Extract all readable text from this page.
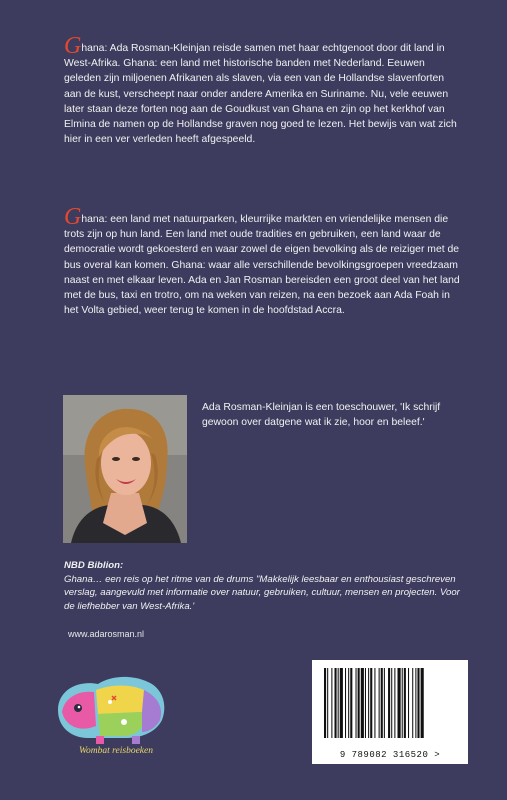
Ghana: Ada Rosman-Kleinjan reisde samen met haar echtgenoot door dit land in West-Afrika. Ghana: een land met historische banden met Nederland. Eeuwen geleden zijn miljoenen Afrikanen als slaven, via een van de Hollandse slavenforten aan de kust, verscheept naar onder andere Amerika en Suriname. Nu, vele eeuwen later staan deze forten nog aan de Goudkust van Ghana en zijn op het kerkhof van Elmina de namen op de Hollandse graven nog goed te lezen. Het bewijs van wat zich hier in een ver verleden heeft afgespeeld.

Ghana: een land met natuurparken, kleurrijke markten en vriendelijke mensen die trots zijn op hun land. Een land met oude tradities en gebruiken, een land waar de democratie wordt gekoesterd en waar zowel de eigen bevolking als de reiziger met de bus overal kan komen. Ghana: waar alle verschillende bevolkingsgroepen vreedzaam naast en met elkaar leven. Ada en Jan Rosman bereisden een groot deel van het land met de bus, taxi en trotro, om na weken van reizen, na een bezoek aan Ada Foah in het Volta gebied, weer terug te komen in de hoofdstad Accra.

Ada Rosman-Kleinjan is een toeschouwer, 'Ik schrijf gewoon over datgene wat ik zie, hoor en beleef.'
NBD Biblion:
Ghana… een reis op het ritme van de drums "Makkelijk leesbaar en enthousiast geschreven verslag, aangevuld met informatie over natuur, gebruiken, cultuur, mensen en projecten. Voor de liefhebber van West-Afrika.'
www.adarosman.nl
Wombat reisboeken	9 789082 316520 >
